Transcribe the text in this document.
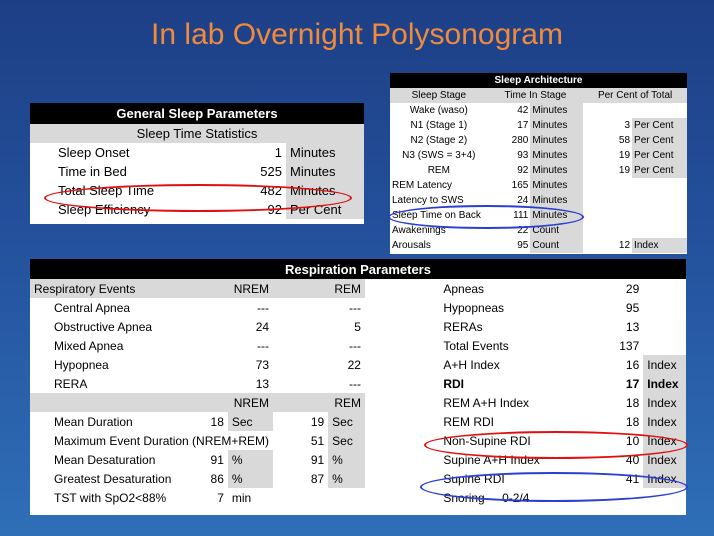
In lab Overnight Polysonogram
General Sleep Parameters		
Sleep Time Statistics		
Sleep Onset	1	Minutes
Time in Bed	525	Minutes
Total Sleep Time	482	Minutes
Sleep Efficiency	92	Per Cent
Sleep Architecture				
Sleep Stage	Time In Stage		Per Cent of Total	
Wake (waso)	42	Minutes		
N1 (Stage 1)	17	Minutes	3	Per Cent
N2 (Stage 2)	280	Minutes	58	Per Cent
N3 (SWS = 3+4)	93	Minutes	19	Per Cent
REM	92	Minutes	19	Per Cent
REM Latency	165	Minutes		
Latency to SWS	24	Minutes		
Sleep Time on Back	111	Minutes		
Awakenings	22	Count		
Arousals	95	Count	12	Index
Respiration Parameters								
Respiratory Events		NREM		REM		Apneas	29	
Central Apnea		---		---		Hypopneas	95	
Obstructive Apnea		24		5		RERAs	13	
Mixed Apnea		---		---		Total Events	137	
Hypopnea		73		22		A+H Index	16	Index
RERA		13		---		RDI	17	Index
		NREM		REM		REM A+H Index	18	Index
Mean Duration	18	Sec	19	Sec		REM RDI	18	Index
Maximum Event Duration (NREM+REM)			51	Sec		Non-Supine RDI	10	Index
Mean Desaturation	91	%	91	%		Supine A+H Index	40	Index
Greatest Desaturation	86	%	87	%		Supine RDI	41	Index
TST with SpO2<88%	7	min				Snoring 0-2/4		
